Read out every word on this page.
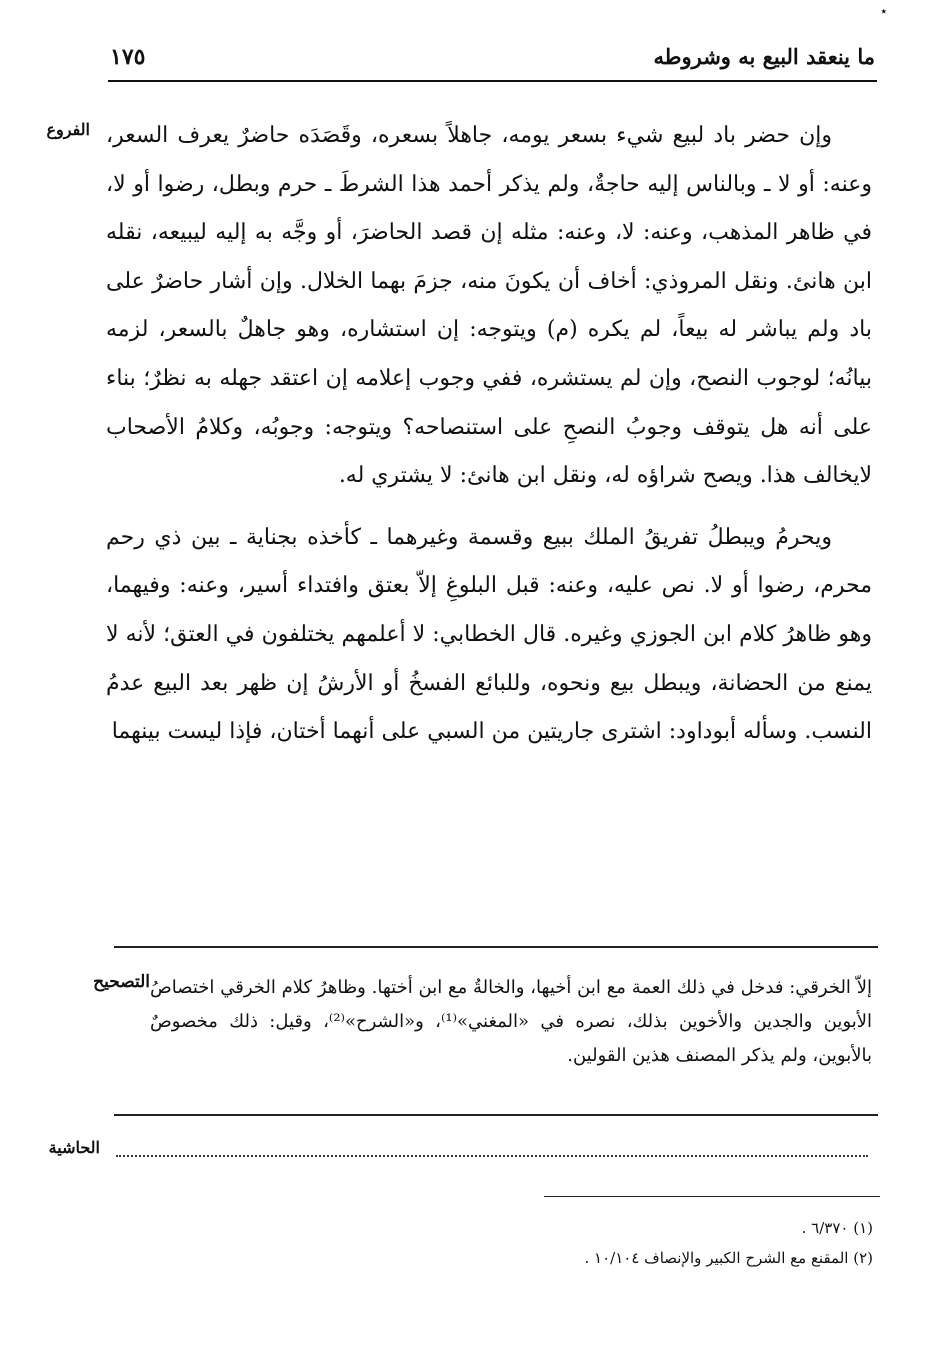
٭
ما ينعقد البيع به وشروطه
١٧٥
الفروع وإن حضر باد لبيع شيء بسعر يومه، جاهلاً بسعره، وقَصَدَه حاضرٌ يعرف السعر، وعنه: أو لا ـ وبالناس إليه حاجةٌ، ولم يذكر أحمد هذا الشرطَ ـ حرم وبطل، رضوا أو لا، في ظاهر المذهب، وعنه: لا، وعنه: مثله إن قصد الحاضرَ، أو وجَّه به إليه ليبيعه، نقله ابن هانئ. ونقل المروذي: أخاف أن يكونَ منه، جزمَ بهما الخلال. وإن أشار حاضرٌ على باد ولم يباشر له بيعاً، لم يكره (م) ويتوجه: إن استشاره، وهو جاهلٌ بالسعر، لزمه بيانُه؛ لوجوب النصح، وإن لم يستشره، ففي وجوب إعلامه إن اعتقد جهله به نظرٌ؛ بناء على أنه هل يتوقف وجوبُ النصحِ على استنصاحه؟ ويتوجه: وجوبُه، وكلامُ الأصحاب لايخالف هذا. ويصح شراؤه له، ونقل ابن هانئ: لا يشتري له.

ويحرمُ ويبطلُ تفريقُ الملك ببيع وقسمة وغيرهما ـ كأخذه بجناية ـ بين ذي رحم محرم، رضوا أو لا. نص عليه، وعنه: قبل البلوغِ إلاّ بعتق وافتداء أسير، وعنه: وفيهما، وهو ظاهرُ كلام ابن الجوزي وغيره. قال الخطابي: لا أعلمهم يختلفون في العتق؛ لأنه لا يمنع من الحضانة، ويبطل بيع ونحوه، وللبائع الفسخُ أو الأرشُ إن ظهر بعد البيع عدمُ النسب. وسأله أبوداود: اشترى جاريتين من السبي على أنهما أختان، فإذا ليست بينهما

التصحيح إلاّ الخرقي: فدخل في ذلك العمة مع ابن أخيها، والخالةُ مع ابن أختها. وظاهرُ كلام الخرقي اختصاصُ الأبوين والجدين والأخوين بذلك، نصره في «المغني»⁽¹⁾، و«الشرح»⁽²⁾، وقيل: ذلك مخصوصٌ بالأبوين، ولم يذكر المصنف هذين القولين.
الحاشية
(١) ٦/٣٧٠ .
(٢) المقنع مع الشرح الكبير والإنصاف ١٠/١٠٤ .
